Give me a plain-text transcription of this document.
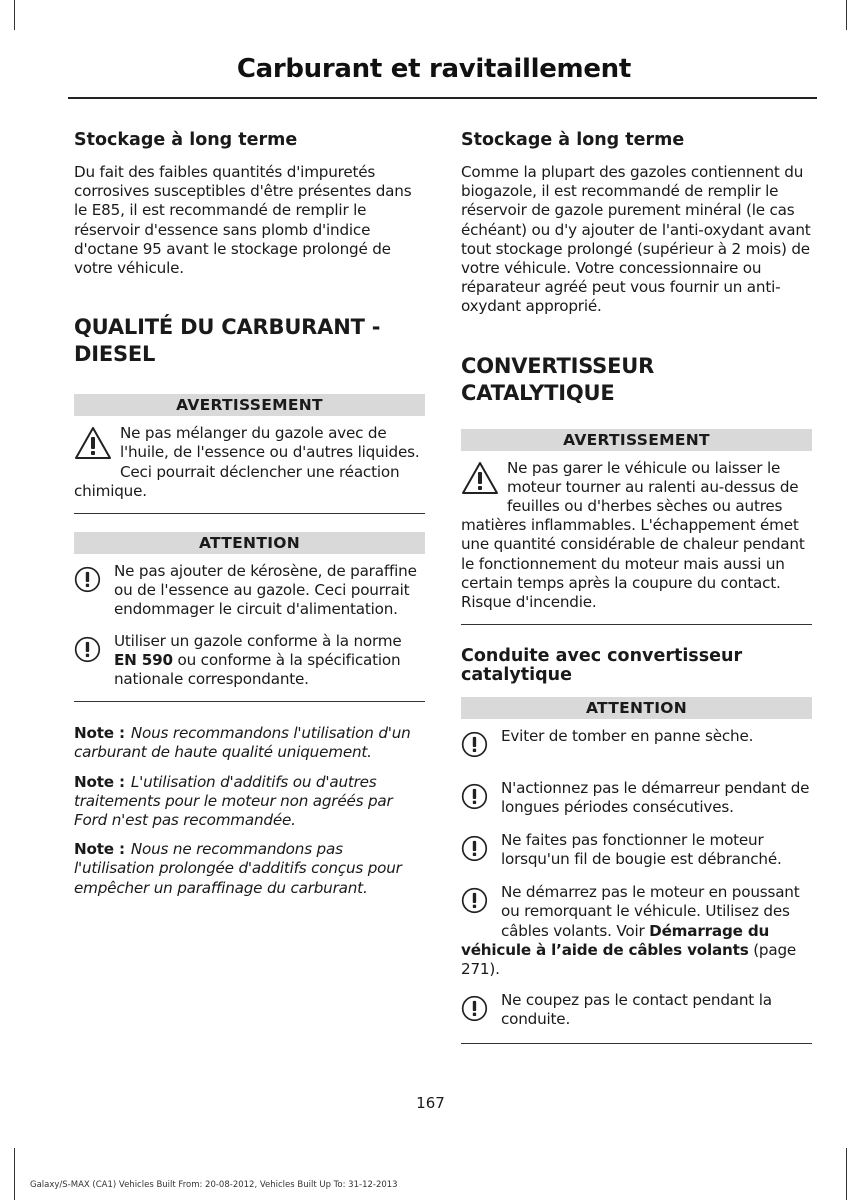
Carburant et ravitaillement
Stockage à long terme

Du fait des faibles quantités d'impuretés corrosives susceptibles d'être présentes dans le E85, il est recommandé de remplir le réservoir d'essence sans plomb d'indice d'octane 95 avant le stockage prolongé de votre véhicule.

QUALITÉ DU CARBURANT - DIESEL
AVERTISSEMENT
Ne pas mélanger du gazole avec de l'huile, de l'essence ou d'autres liquides. Ceci pourrait déclencher une réaction chimique.
ATTENTION
Ne pas ajouter de kérosène, de paraffine ou de l'essence au gazole. Ceci pourrait endommager le circuit d'alimentation.
Utiliser un gazole conforme à la norme EN 590 ou conforme à la spécification nationale correspondante.

Note : Nous recommandons l'utilisation d'un carburant de haute qualité uniquement.

Note : L'utilisation d'additifs ou d'autres traitements pour le moteur non agréés par Ford n'est pas recommandée.

Note : Nous ne recommandons pas l'utilisation prolongée d'additifs conçus pour empêcher un paraffinage du carburant.

Stockage à long terme

Comme la plupart des gazoles contiennent du biogazole, il est recommandé de remplir le réservoir de gazole purement minéral (le cas échéant) ou d'y ajouter de l'anti-oxydant avant tout stockage prolongé (supérieur à 2 mois) de votre véhicule. Votre concessionnaire ou réparateur agréé peut vous fournir un anti-oxydant approprié.

CONVERTISSEUR CATALYTIQUE
AVERTISSEMENT
Ne pas garer le véhicule ou laisser le moteur tourner au ralenti au-dessus de feuilles ou d'herbes sèches ou autres matières inflammables. L'échappement émet une quantité considérable de chaleur pendant le fonctionnement du moteur mais aussi un certain temps après la coupure du contact. Risque d'incendie.
Conduite avec convertisseur catalytique
ATTENTION
Eviter de tomber en panne sèche.
N'actionnez pas le démarreur pendant de longues périodes consécutives.
Ne faites pas fonctionner le moteur lorsqu'un fil de bougie est débranché.
Ne démarrez pas le moteur en poussant ou remorquant le véhicule. Utilisez des câbles volants. Voir Démarrage du véhicule à l’aide de câbles volants (page 271).
Ne coupez pas le contact pendant la conduite.
167
Galaxy/S-MAX (CA1) Vehicles Built From: 20-08-2012, Vehicles Built Up To: 31-12-2013
